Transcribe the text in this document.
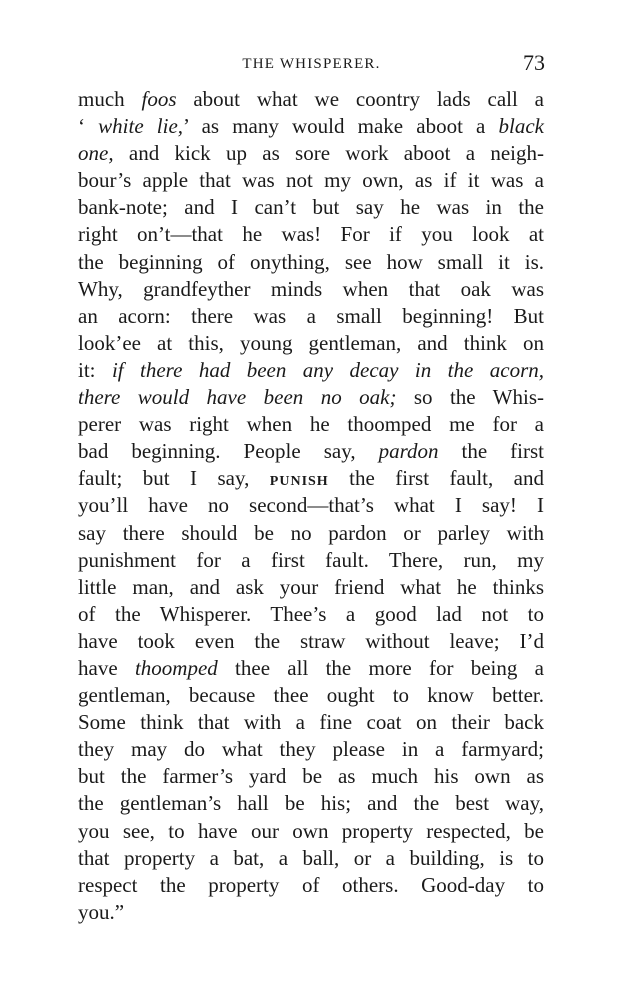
THE WHISPERER.	73
much foos about what we coontry lads call a
‘ white lie,’ as many would make aboot a black
one, and kick up as sore work aboot a neigh-
bour’s apple that was not my own, as if it was a
bank-note; and I can’t but say he was in the
right on’t—that he was! For if you look at
the beginning of onything, see how small it is.
Why, grandfeyther minds when that oak was
an acorn: there was a small beginning! But
look’ee at this, young gentleman, and think on
it: if there had been any decay in the acorn,
there would have been no oak; so the Whis-
perer was right when he thoomped me for a
bad beginning. People say, pardon the first
fault; but I say, PUNISH the first fault, and
you’ll have no second—that’s what I say! I
say there should be no pardon or parley with
punishment for a first fault. There, run, my
little man, and ask your friend what he thinks
of the Whisperer. Thee’s a good lad not to
have took even the straw without leave; I’d
have thoomped thee all the more for being a
gentleman, because thee ought to know better.
Some think that with a fine coat on their back
they may do what they please in a farmyard;
but the farmer’s yard be as much his own as
the gentleman’s hall be his; and the best way,
you see, to have our own property respected, be
that property a bat, a ball, or a building, is to
respect the property of others. Good-day to
you.”
